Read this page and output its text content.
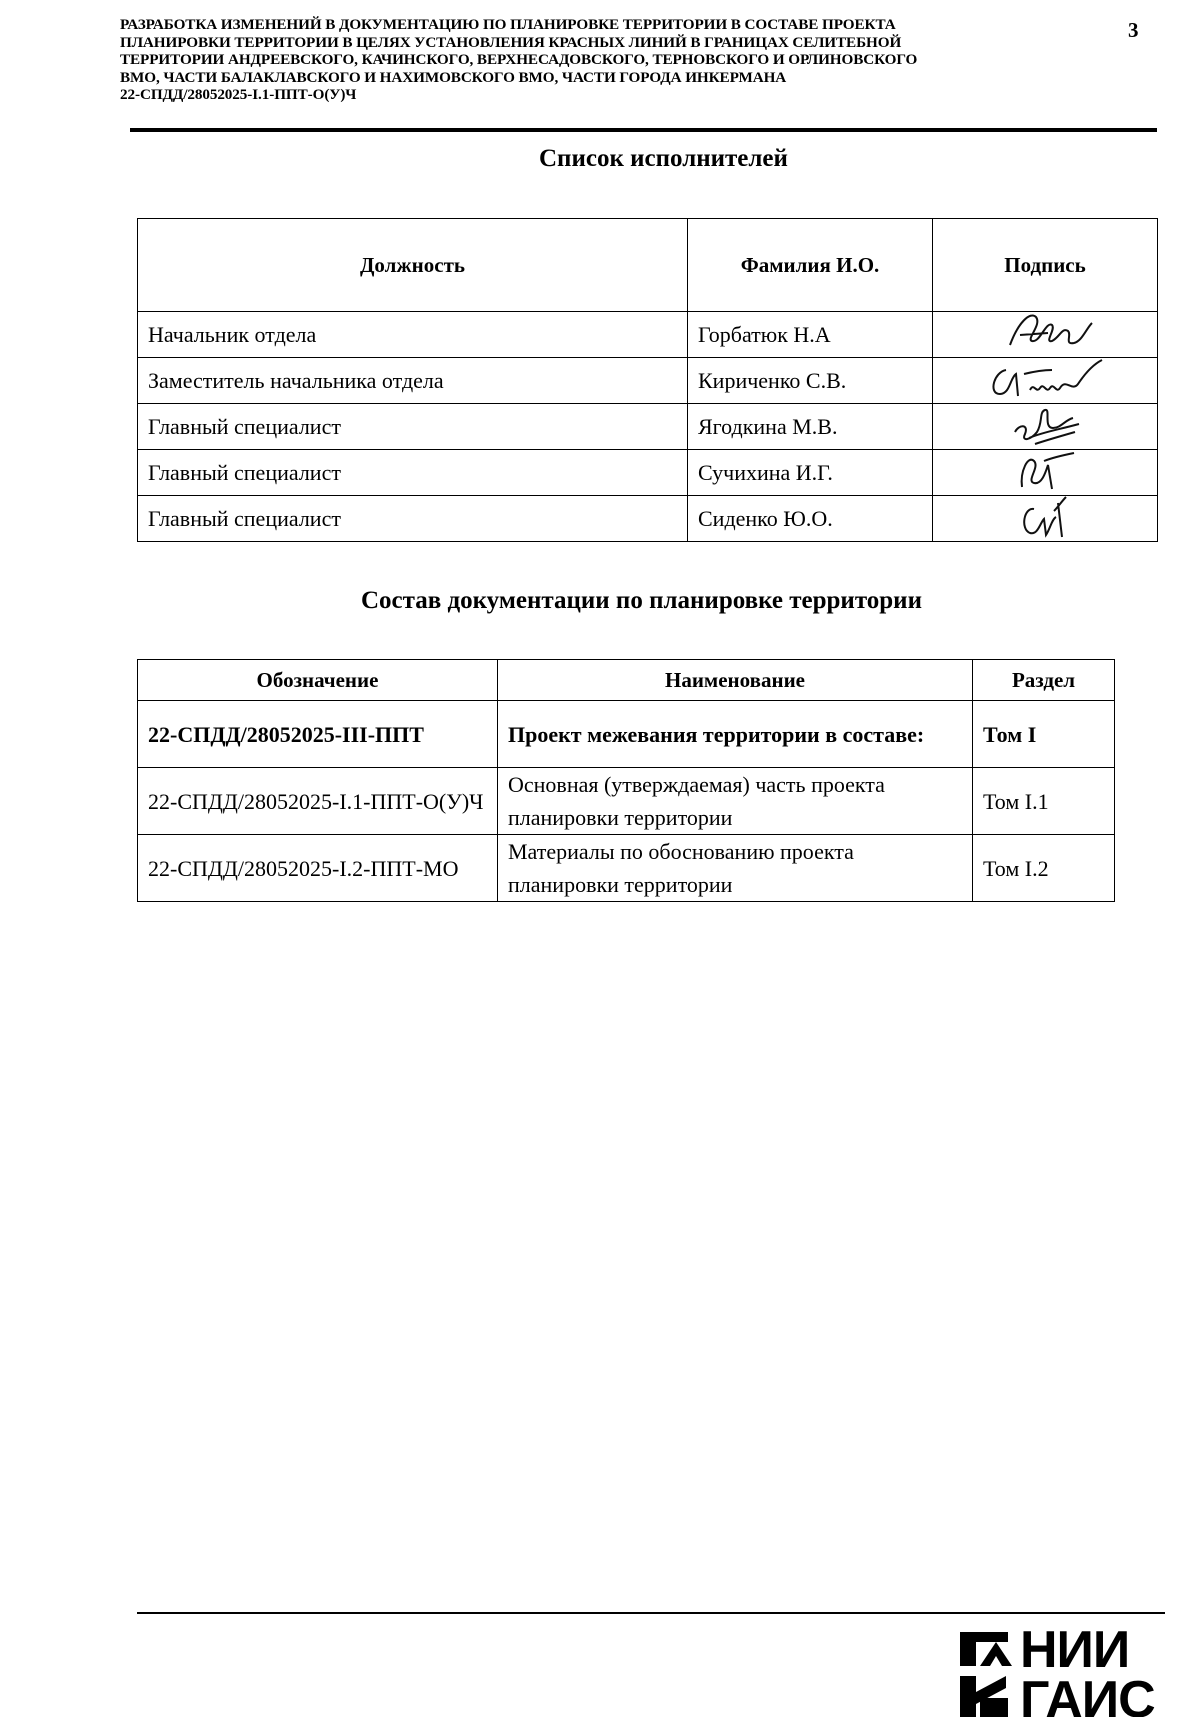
РАЗРАБОТКА ИЗМЕНЕНИЙ В ДОКУМЕНТАЦИЮ ПО ПЛАНИРОВКЕ ТЕРРИТОРИИ В СОСТАВЕ ПРОЕКТА
ПЛАНИРОВКИ ТЕРРИТОРИИ В ЦЕЛЯХ УСТАНОВЛЕНИЯ КРАСНЫХ ЛИНИЙ В ГРАНИЦАХ СЕЛИТЕБНОЙ
ТЕРРИТОРИИ АНДРЕЕВСКОГО, КАЧИНСКОГО, ВЕРХНЕСАДОВСКОГО, ТЕРНОВСКОГО И ОРЛИНОВСКОГО
ВМО, ЧАСТИ БАЛАКЛАВСКОГО И НАХИМОВСКОГО ВМО, ЧАСТИ ГОРОДА ИНКЕРМАНА
22-СПДД/28052025-I.1-ППТ-О(У)Ч
3
Список исполнителей
Должность	Фамилия И.О.	Подпись
Начальник отдела	Горбатюк Н.А	

Заместитель начальника отдела	Кириченко С.В.	

Главный специалист	Ягодкина М.В.	

Главный специалист	Сучихина И.Г.	

Главный специалист	Сиденко Ю.О.	
Состав документации по планировке территории
Обозначение	Наименование	Раздел
22-СПДД/28052025-III-ППТ	Проект межевания территории в составе:	Том I
22-СПДД/28052025-I.1-ППТ-О(У)Ч	Основная (утверждаемая) часть проекта планировки территории	Том I.1
22-СПДД/28052025-I.2-ППТ-МО	Материалы по обоснованию проекта планировки территории	Том I.2
НИИ
ГАИС
